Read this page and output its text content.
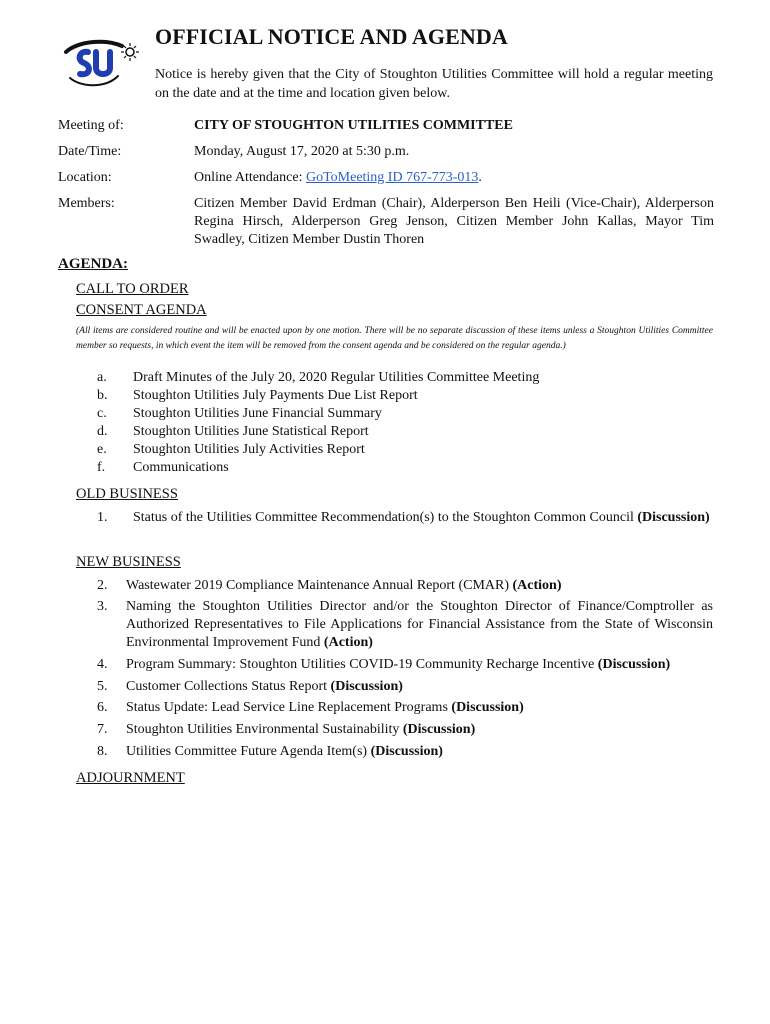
OFFICIAL NOTICE AND AGENDA
Notice is hereby given that the City of Stoughton Utilities Committee will hold a regular meeting on the date and at the time and location given below.
Meeting of:	CITY OF STOUGHTON UTILITIES COMMITTEE
Date/Time:	Monday, August 17, 2020 at 5:30 p.m.
Location:	Online Attendance: GoToMeeting ID 767-773-013.
Members:	Citizen Member David Erdman (Chair), Alderperson Ben Heili (Vice-Chair), Alderperson Regina Hirsch, Alderperson Greg Jenson, Citizen Member John Kallas, Mayor Tim Swadley, Citizen Member Dustin Thoren
AGENDA:
CALL TO ORDER
CONSENT AGENDA
(All items are considered routine and will be enacted upon by one motion. There will be no separate discussion of these items unless a Stoughton Utilities Committee member so requests, in which event the item will be removed from the consent agenda and be considered on the regular agenda.)
a. Draft Minutes of the July 20, 2020 Regular Utilities Committee Meeting
b. Stoughton Utilities July Payments Due List Report
c. Stoughton Utilities June Financial Summary
d. Stoughton Utilities June Statistical Report
e. Stoughton Utilities July Activities Report
f. Communications
OLD BUSINESS
1. Status of the Utilities Committee Recommendation(s) to the Stoughton Common Council (Discussion)
NEW BUSINESS
2. Wastewater 2019 Compliance Maintenance Annual Report (CMAR) (Action)
3. Naming the Stoughton Utilities Director and/or the Stoughton Director of Finance/Comptroller as Authorized Representatives to File Applications for Financial Assistance from the State of Wisconsin Environmental Improvement Fund (Action)
4. Program Summary: Stoughton Utilities COVID-19 Community Recharge Incentive (Discussion)
5. Customer Collections Status Report (Discussion)
6. Status Update: Lead Service Line Replacement Programs (Discussion)
7. Stoughton Utilities Environmental Sustainability (Discussion)
8. Utilities Committee Future Agenda Item(s) (Discussion)
ADJOURNMENT
